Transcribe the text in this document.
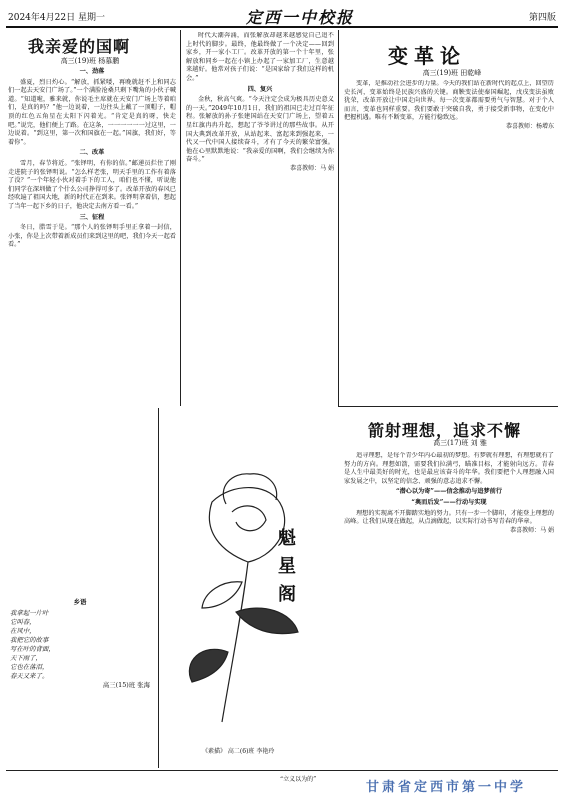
2024年4月22日 星期一	定西一中校报	第四版
我亲爱的国啊
高三(19)班 杨慕鹏
一、劲落

盛夏，烈日灼心。“解放，抓紧喽，再晚就赶不上和同志们一起去天安门广场了。”一个满脸沧桑只剩下嘴角的小伙子喊道。“知道啦，雅来就，你说毛主席就在天安门广场上等着咱们，是真的吗？”他一边说着，一边往头上戴了一顶帽子，帽顶的红色五角星在太阳下闪着光。“肯定是真的呀，快走吧。”说完，他们便上了路。在这条，一一一一一一过这里，一边说着。“到这里，第一次和国旗在一起。”国旗，我们好，等着你”。

二、改革

雪月，春节将近。“张铎明，有你的信。”邮递员拦住了刚走进院子的张铎明说。“怎么样老张，明天手里的工作有着落了没？”一个年轻小伙对着手下的工人，咱们也不懂，听说他们同学在深圳做了个什么公司挣得可多了。改革开放的春风已经吹遍了祖国大地，新的时代正在到来。张铎明拿着信，想起了当年一起下乡的日子，他决定去南方看一看。”

三、征程

冬日，腊雪于是。“那个人的张铎明手里正拿着一封信，小张，你是上次带着新成员们来到这里的吧，我们今天一起看看。”

时代大潮奔涌，而张解放却越来越感觉自己追不上时代的脚步。最终，他最终做了一个决定——回到家乡，开一家小工厂。改革开放的第一个十年里，张解放和同乡一起在小镇上办起了一家加工厂，生意越来越好。他常对孩子们说：“是国家给了我们这样的机会。”

四、复兴

金秋，秋高气爽。“今天注定会成为极具历史意义的一天。”2049年10月1日，我们的祖国已走过百年征程。张解放的孙子张建国站在天安门广场上，望着五星红旗冉冉升起，想起了爷爷讲过的那些故事。从开国大典到改革开放，从站起来、富起来到强起来，一代又一代中国人接续奋斗，才有了今天的繁荣富强。他在心里默默地说：“我亲爱的国啊，我们会继续为你奋斗。”

恭喜教师：马 娟
变革论
高三(19)班 田乾峰

变革，是推动社会进步的力量。今天的我们站在新时代的起点上，回望历史长河，变革始终是民族兴盛的关键。商鞅变法使秦国崛起，戊戌变法虽败犹荣，改革开放让中国走向世界。每一次变革都需要勇气与智慧。对于个人而言，变革也同样重要。我们要敢于突破自我，勇于接受新事物，在变化中把握机遇。唯有不断变革，方能行稳致远。

恭喜教师：杨增东
乡语
我拿起一片叶
它叫春，
在风中，
我把它的故事
写在叶的背面，
天下雨了，
它也在落泪，
春天又来了。
高三(15)班 张海
魁
星
阁
《素描》 高二(6)班 李艳玲
箭射理想，追求不懈
高三(17)班 刘 雅

追寻理想，是每个青少年内心最初的梦想。有梦就有理想，有理想就有了努力的方向。理想如箭，需要我们拉满弓，瞄准目标，才能射向远方。青春是人生中最美好的时光，也是最应该奋斗的年华。我们要把个人理想融入国家发展之中，以坚定的信念、顽强的意志追求不懈。

“潜心以为寄”——信念推动与追梦前行
“奥而后发”——行动与实现

理想的实现离不开脚踏实地的努力。只有一步一个脚印，才能登上理想的高峰。让我们从现在做起，从点滴做起，以实际行动书写青春的华章。

恭喜教师：马 娟
“立义以为的”
甘肃省定西市第一中学
